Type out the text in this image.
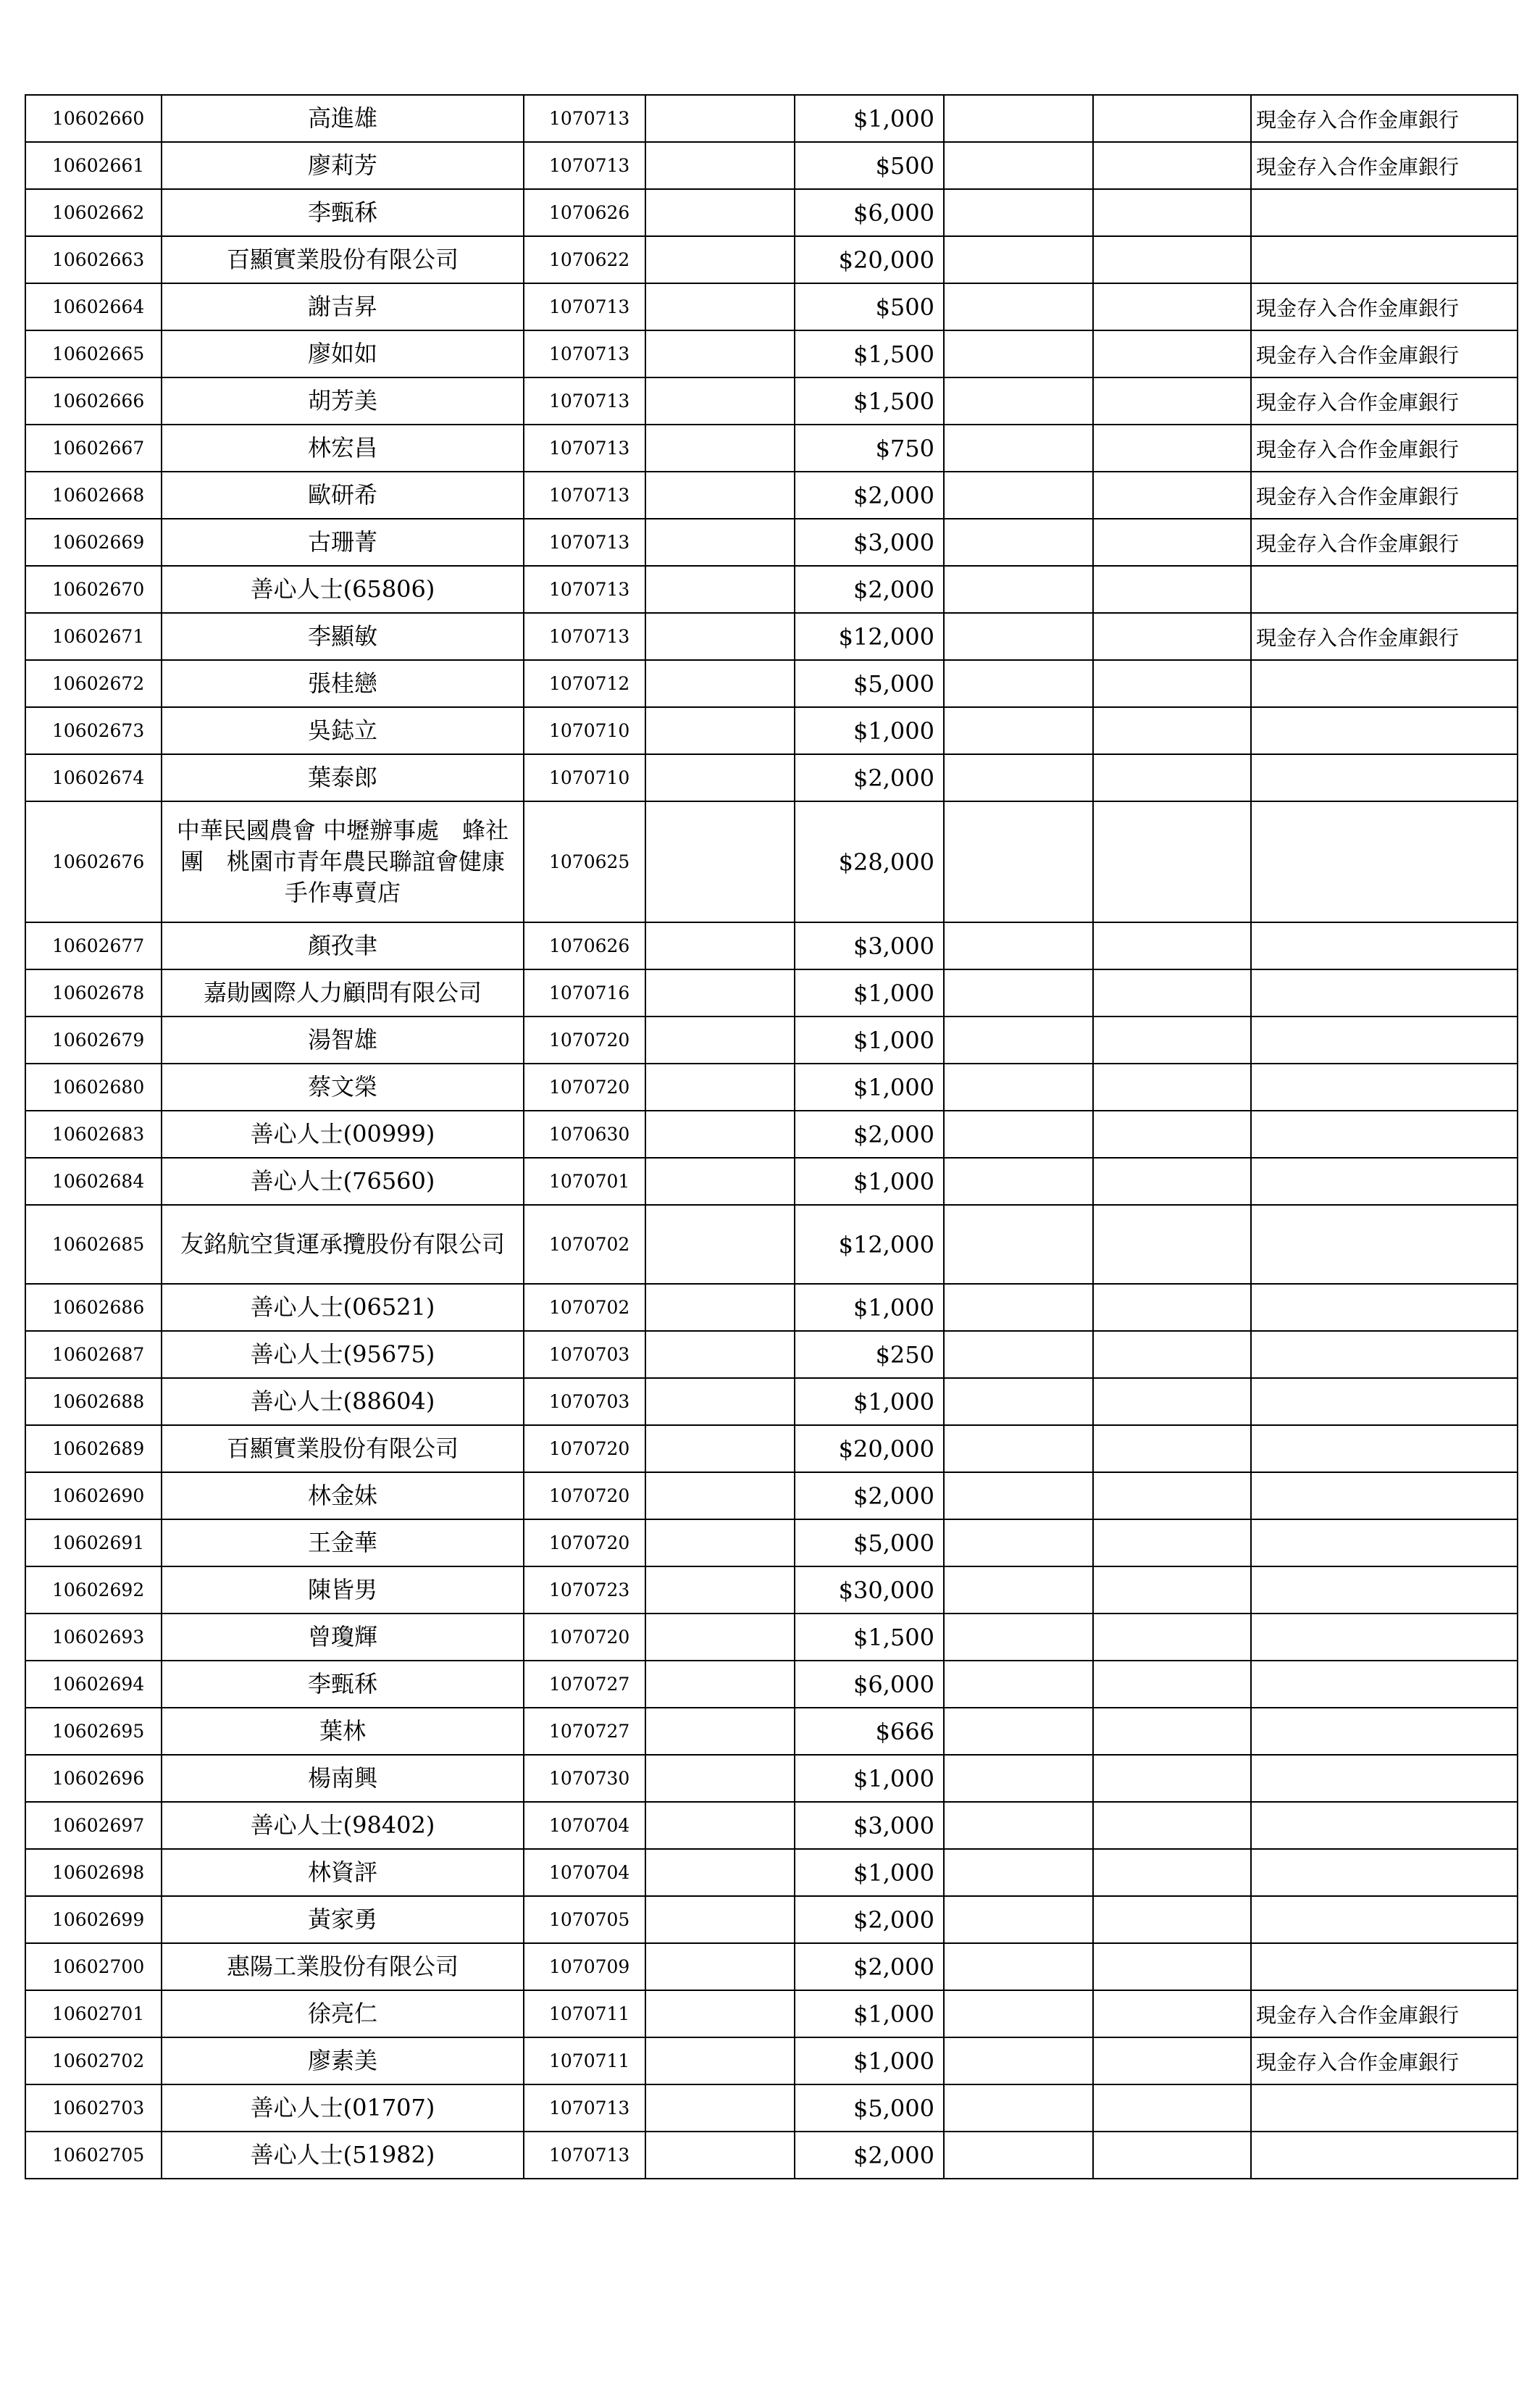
10602660	高進雄	1070713		$1,000			現金存入合作金庫銀行
10602661	廖莉芳	1070713		$500			現金存入合作金庫銀行
10602662	李甄秝	1070626		$6,000			
10602663	百顯實業股份有限公司	1070622		$20,000			
10602664	謝吉昇	1070713		$500			現金存入合作金庫銀行
10602665	廖如如	1070713		$1,500			現金存入合作金庫銀行
10602666	胡芳美	1070713		$1,500			現金存入合作金庫銀行
10602667	林宏昌	1070713		$750			現金存入合作金庫銀行
10602668	歐研希	1070713		$2,000			現金存入合作金庫銀行
10602669	古珊菁	1070713		$3,000			現金存入合作金庫銀行
10602670	善心人士(65806)	1070713		$2,000			
10602671	李顯敏	1070713		$12,000			現金存入合作金庫銀行
10602672	張桂戀	1070712		$5,000			
10602673	吳鋕立	1070710		$1,000			
10602674	葉泰郎	1070710		$2,000			
10602676	中華民國農會 中壢辦事處　蜂社團　桃園市青年農民聯誼會健康手作專賣店	1070625		$28,000			
10602677	顏孜聿	1070626		$3,000			
10602678	嘉勛國際人力顧問有限公司	1070716		$1,000			
10602679	湯智雄	1070720		$1,000			
10602680	蔡文榮	1070720		$1,000			
10602683	善心人士(00999)	1070630		$2,000			
10602684	善心人士(76560)	1070701		$1,000			
10602685	友銘航空貨運承攬股份有限公司	1070702		$12,000			
10602686	善心人士(06521)	1070702		$1,000			
10602687	善心人士(95675)	1070703		$250			
10602688	善心人士(88604)	1070703		$1,000			
10602689	百顯實業股份有限公司	1070720		$20,000			
10602690	林金妹	1070720		$2,000			
10602691	王金華	1070720		$5,000			
10602692	陳皆男	1070723		$30,000			
10602693	曾瓊輝	1070720		$1,500			
10602694	李甄秝	1070727		$6,000			
10602695	葉林	1070727		$666			
10602696	楊南興	1070730		$1,000			
10602697	善心人士(98402)	1070704		$3,000			
10602698	林資評	1070704		$1,000			
10602699	黃家勇	1070705		$2,000			
10602700	惠陽工業股份有限公司	1070709		$2,000			
10602701	徐亮仁	1070711		$1,000			現金存入合作金庫銀行
10602702	廖素美	1070711		$1,000			現金存入合作金庫銀行
10602703	善心人士(01707)	1070713		$5,000			
10602705	善心人士(51982)	1070713		$2,000			
